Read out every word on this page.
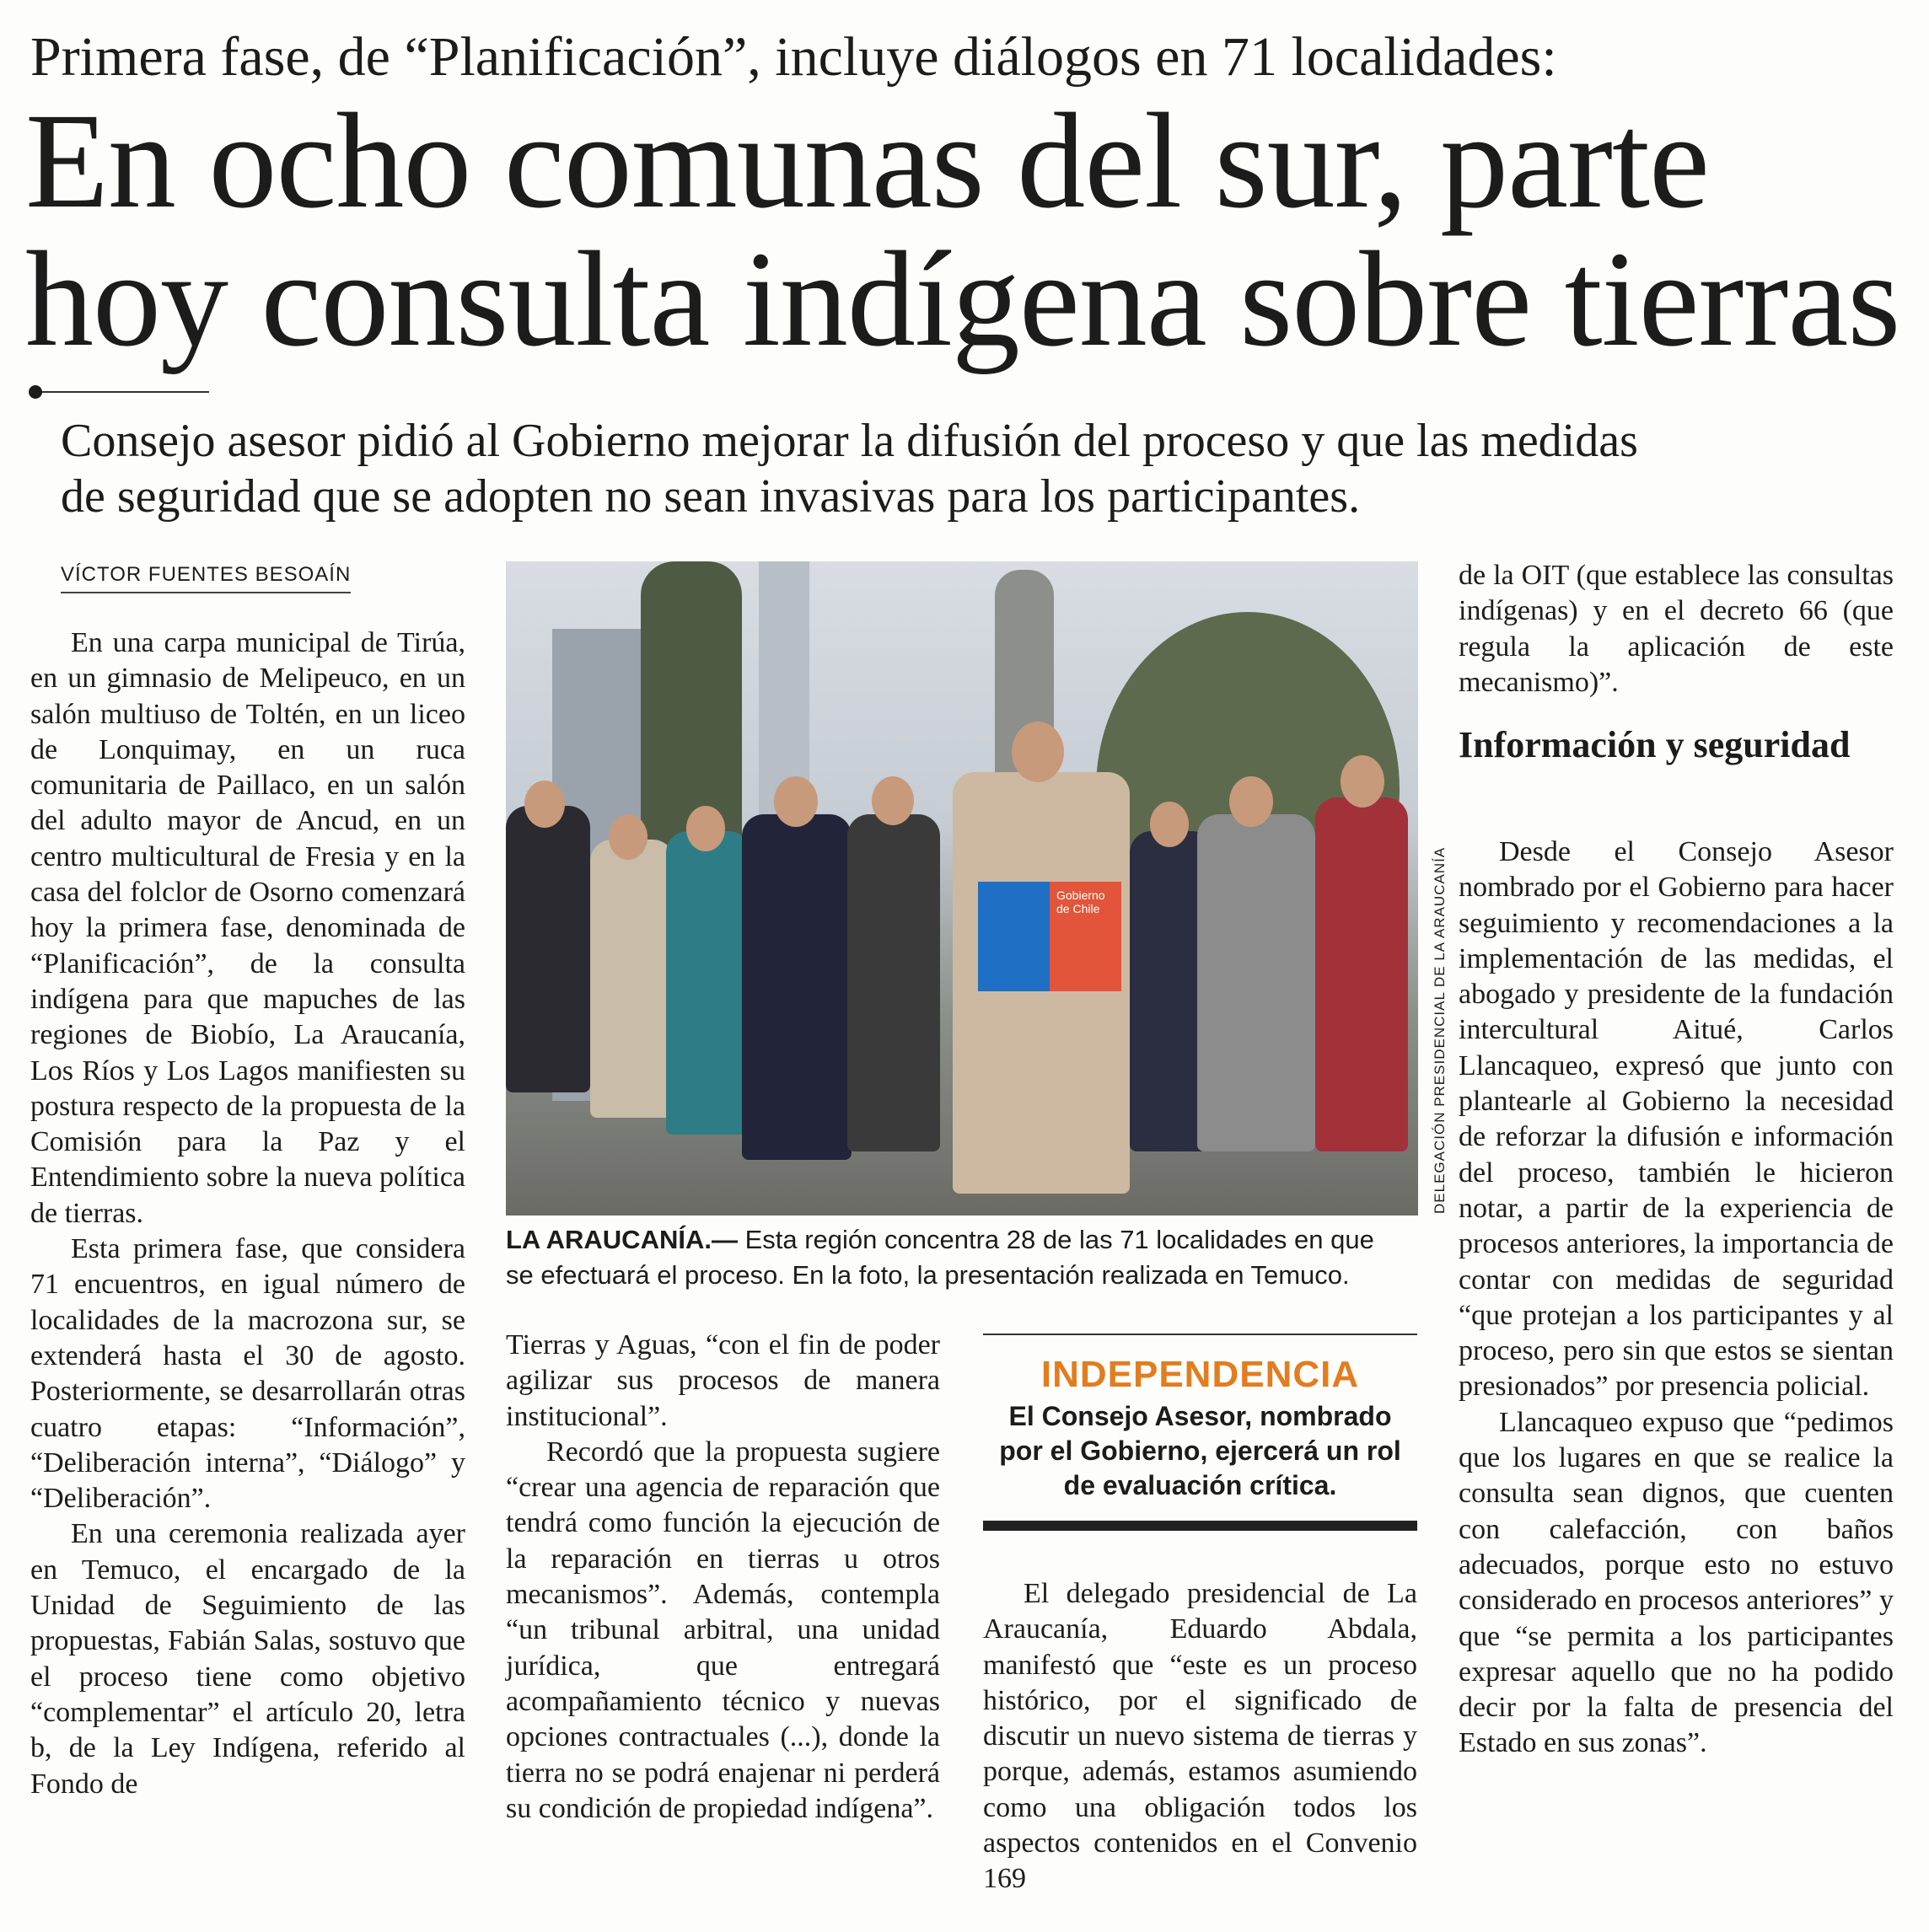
Primera fase, de “Planificación”, incluye diálogos en 71 localidades:
En ocho comunas del sur, parte
hoy consulta indígena sobre tierras
Consejo asesor pidió al Gobierno mejorar la difusión del proceso y que las medidas
de seguridad que se adopten no sean invasivas para los participantes.
VÍCTOR FUENTES BESOAÍN

En una carpa municipal de Tirúa, en un gimnasio de Melipeuco, en un salón multiuso de Toltén, en un liceo de Lonquimay, en un ruca comunitaria de Paillaco, en un salón del adulto mayor de Ancud, en un centro multicultural de Fresia y en la casa del folclor de Osorno comenzará hoy la primera fase, denominada de “Planificación”, de la consulta indígena para que mapuches de las regiones de Biobío, La Araucanía, Los Ríos y Los Lagos manifiesten su postura respecto de la propuesta de la Comisión para la Paz y el Entendimiento sobre la nueva política de tierras.

Esta primera fase, que considera 71 encuentros, en igual número de localidades de la macrozona sur, se extenderá hasta el 30 de agosto. Posteriormente, se desarrollarán otras cuatro etapas: “Información”, “Deliberación interna”, “Diálogo” y “Deliberación”.

En una ceremonia realizada ayer en Temuco, el encargado de la Unidad de Seguimiento de las propuestas, Fabián Salas, sostuvo que el proceso tiene como objetivo “complementar” el artículo 20, letra b, de la Ley Indígena, referido al Fondo de

Gobierno de Chile	DELEGACIÓN PRESIDENCIAL DE LA ARAUCANÍA
LA ARAUCANÍA.— Esta región concentra 28 de las 71 localidades en que
se efectuará el proceso. En la foto, la presentación realizada en Temuco.

Tierras y Aguas, “con el fin de poder agilizar sus procesos de manera institucional”.

Recordó que la propuesta sugiere “crear una agencia de reparación que tendrá como función la ejecución de la reparación en tierras u otros mecanismos”. Además, contempla “un tribunal arbitral, una unidad jurídica, que entregará acompañamiento técnico y nuevas opciones contractuales (...), donde la tierra no se podrá enajenar ni perderá su condición de propiedad indígena”.

INDEPENDENCIA
El Consejo Asesor, nombrado
por el Gobierno, ejercerá un rol
de evaluación crítica.

El delegado presidencial de La Araucanía, Eduardo Abdala, manifestó que “este es un proceso histórico, por el significado de discutir un nuevo sistema de tierras y porque, además, estamos asumiendo como una obligación todos los aspectos contenidos en el Convenio 169

de la OIT (que establece las consultas indígenas) y en el decreto 66 (que regula la aplicación de este mecanismo)”.

Información y seguridad

Desde el Consejo Asesor nombrado por el Gobierno para hacer seguimiento y recomendaciones a la implementación de las medidas, el abogado y presidente de la fundación intercultural Aitué, Carlos Llancaqueo, expresó que junto con plantearle al Gobierno la necesidad de reforzar la difusión e información del proceso, también le hicieron notar, a partir de la experiencia de procesos anteriores, la importancia de contar con medidas de seguridad “que protejan a los participantes y al proceso, pero sin que estos se sientan presionados” por presencia policial.

Llancaqueo expuso que “pedimos que los lugares en que se realice la consulta sean dignos, que cuenten con calefacción, con baños adecuados, porque esto no estuvo considerado en procesos anteriores” y que “se permita a los participantes expresar aquello que no ha podido decir por la falta de presencia del Estado en sus zonas”.
